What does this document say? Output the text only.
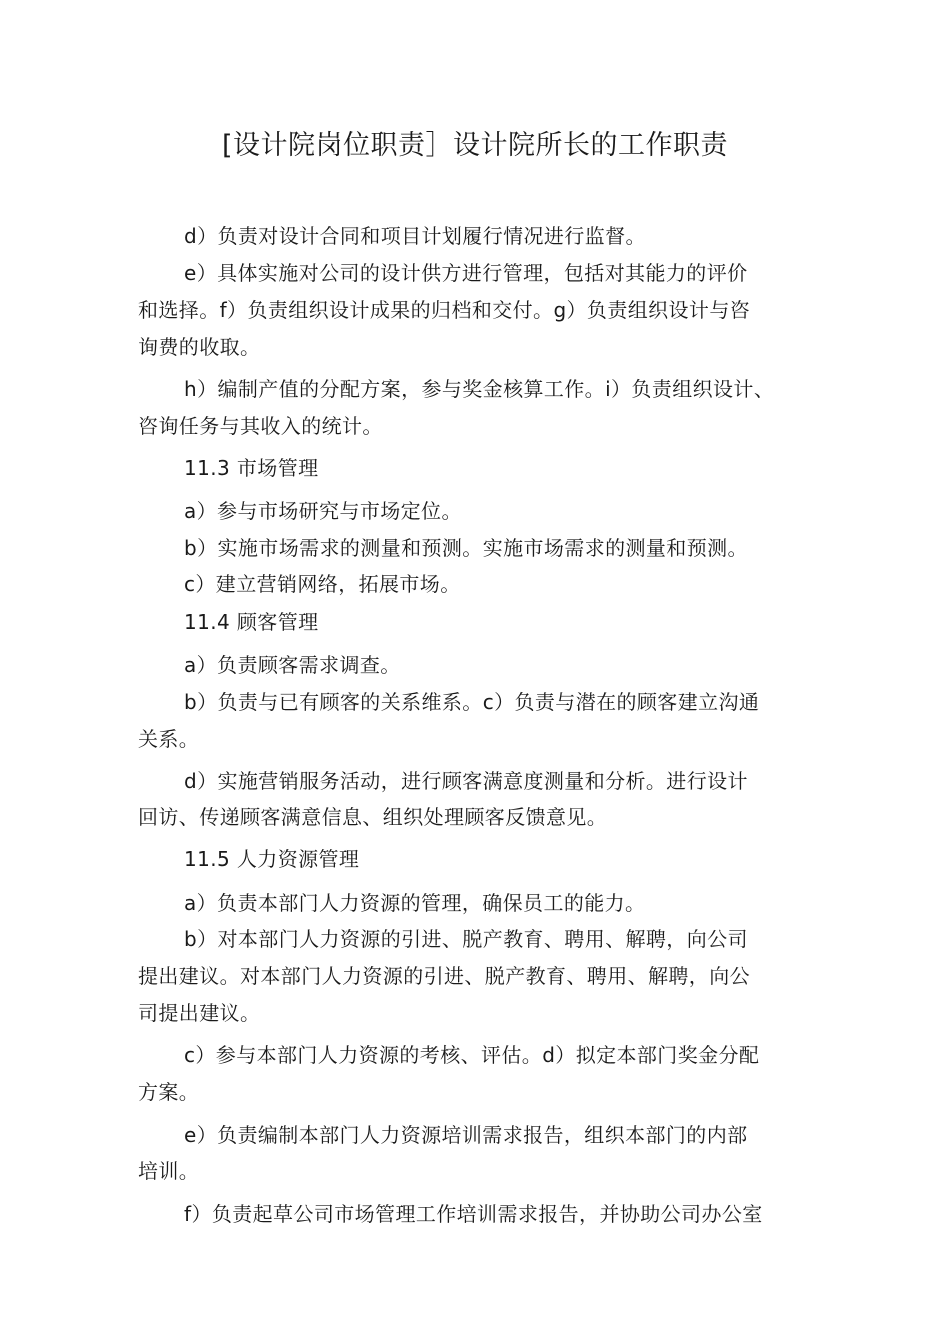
[设计院岗位职责］设计院所长的工作职责
d）负责对设计合同和项目计划履行情况进行监督。
e）具体实施对公司的设计供方进行管理，包括对其能力的评价
和选择。f）负责组织设计成果的归档和交付。g）负责组织设计与咨
询费的收取。
h）编制产值的分配方案，参与奖金核算工作。i）负责组织设计、
咨询任务与其收入的统计。
11.3 市场管理
a）参与市场研究与市场定位。
b）实施市场需求的测量和预测。实施市场需求的测量和预测。
c）建立营销网络，拓展市场。
11.4 顾客管理
a）负责顾客需求调查。
b）负责与已有顾客的关系维系。c）负责与潜在的顾客建立沟通
关系。
d）实施营销服务活动，进行顾客满意度测量和分析。进行设计
回访、传递顾客满意信息、组织处理顾客反馈意见。
11.5 人力资源管理
a）负责本部门人力资源的管理，确保员工的能力。
b）对本部门人力资源的引进、脱产教育、聘用、解聘，向公司
提出建议。对本部门人力资源的引进、脱产教育、聘用、解聘，向公
司提出建议。
c）参与本部门人力资源的考核、评估。d）拟定本部门奖金分配
方案。
e）负责编制本部门人力资源培训需求报告，组织本部门的内部
培训。
f）负责起草公司市场管理工作培训需求报告，并协助公司办公室
